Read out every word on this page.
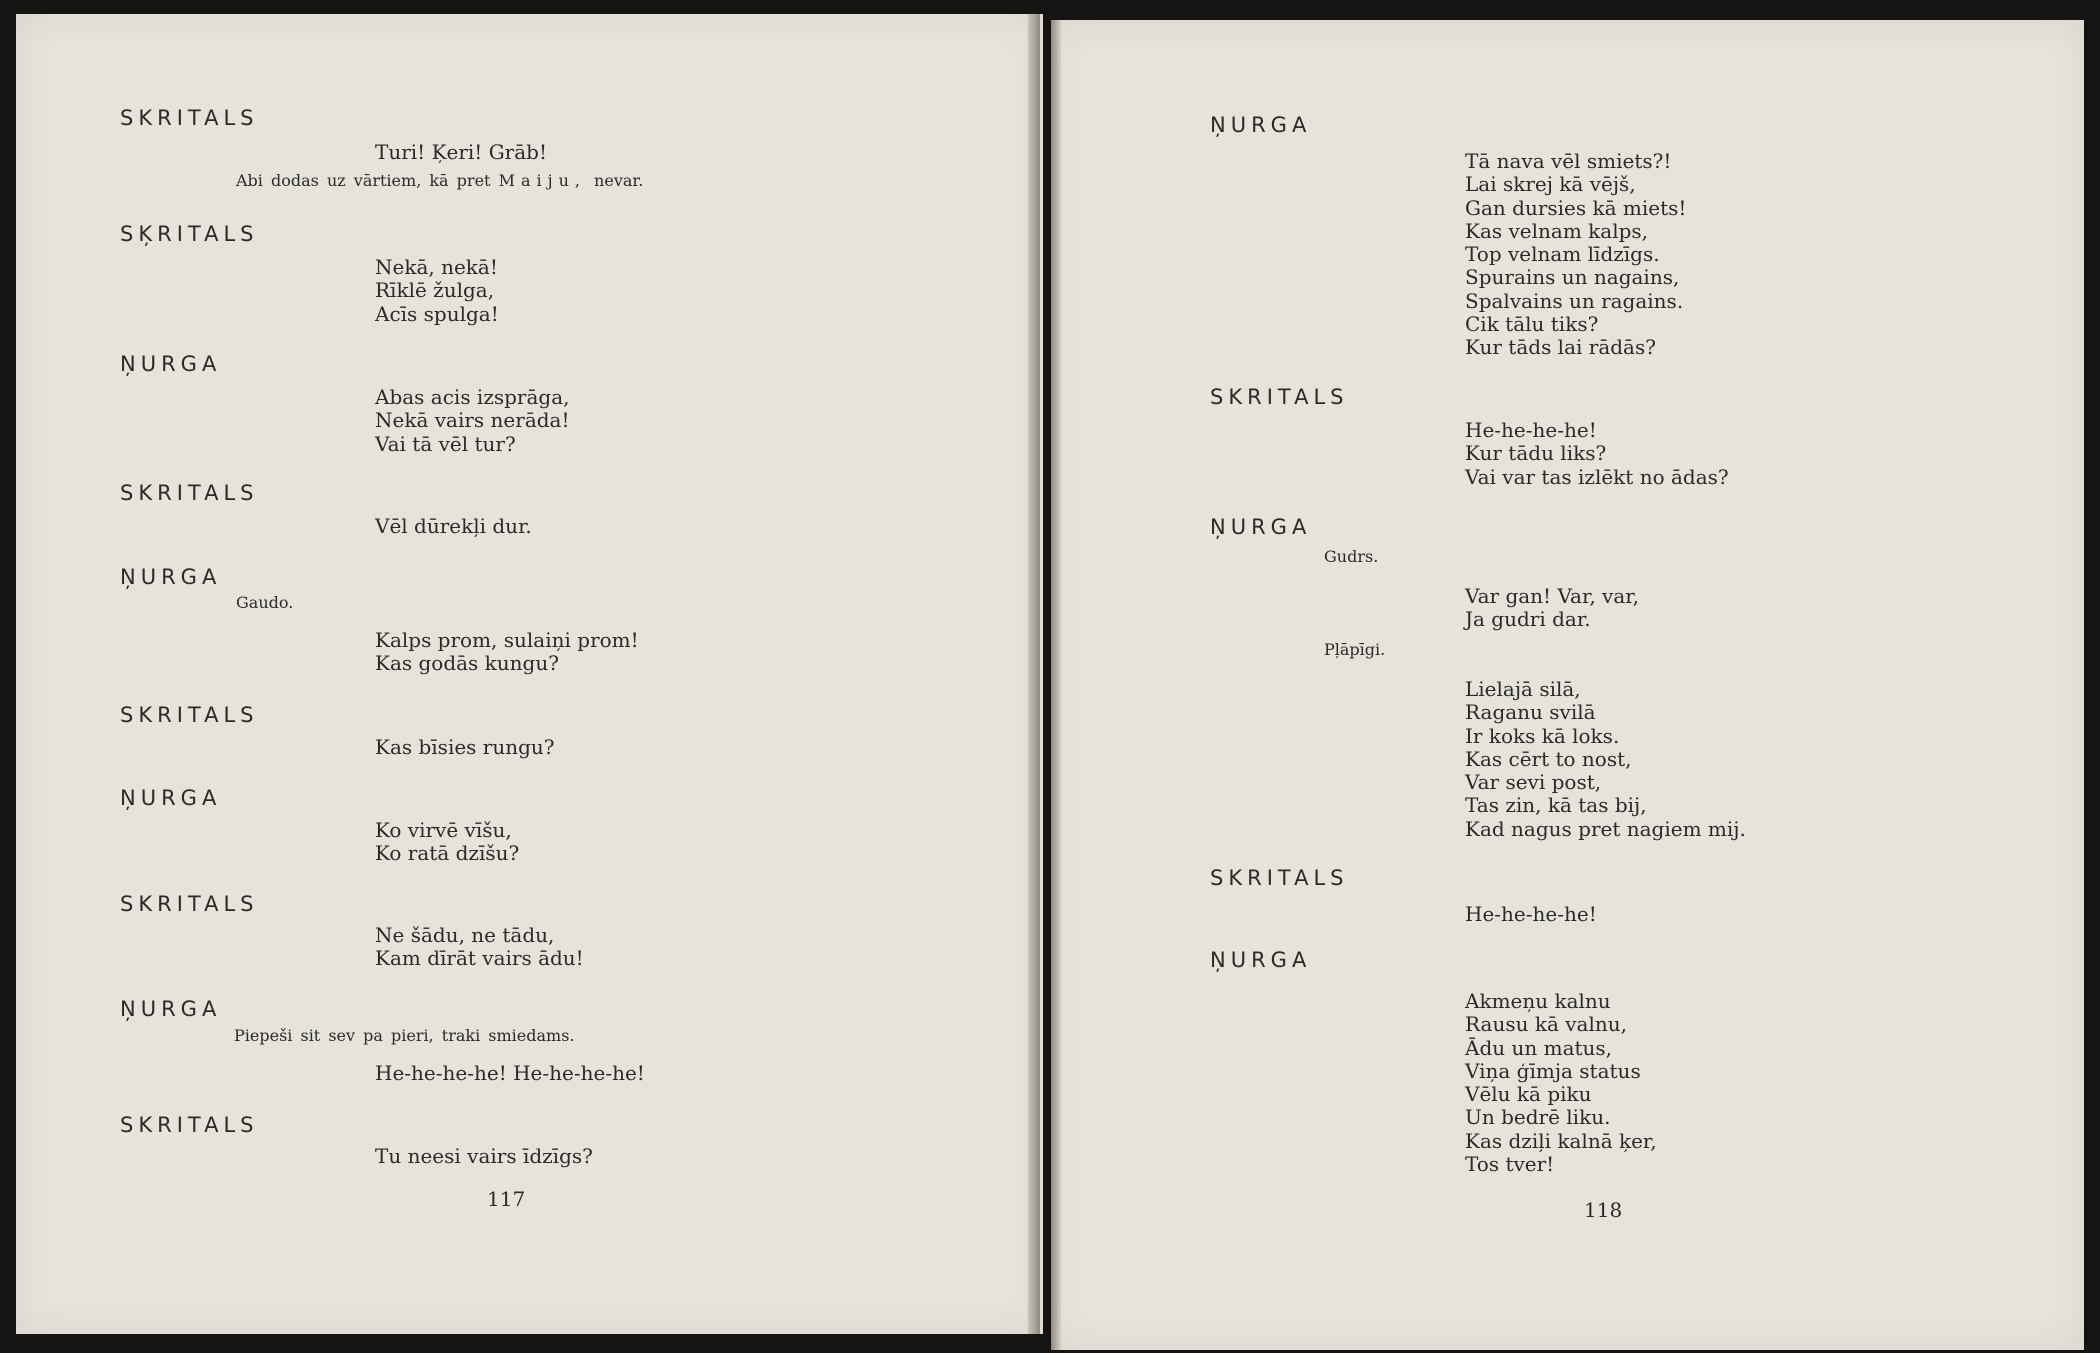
SKRITALS
Turi! Ķeri! Grāb!
Abi dodas uz vārtiem, kā pret Maiju, nevar.
SĶRITALS
Nekā, nekā!
Rīklē žulga,
Acīs spulga!
ŅURGA
Abas acis izsprāga,
Nekā vairs nerāda!
Vai tā vēl tur?
SKRITALS
Vēl dūrekļi dur.
ŅURGA
Gaudo.
Kalps prom, sulaiņi prom!
Kas godās kungu?
SKRITALS
Kas bīsies rungu?
ŅURGA
Ko virvē vīšu,
Ko ratā dzīšu?
SKRITALS
Ne šādu, ne tādu,
Kam dīrāt vairs ādu!
ŅURGA
Piepeši sit sev pa pieri, traki smiedams.
He-he-he-he! He-he-he-he!
SKRITALS
Tu neesi vairs īdzīgs?
117
ŅURGA
Tā nava vēl smiets?!
Lai skrej kā vējš,
Gan dursies kā miets!
Kas velnam kalps,
Top velnam līdzīgs.
Spurains un nagains,
Spalvains un ragains.
Cik tālu tiks?
Kur tāds lai rādās?
SKRITALS
He-he-he-he!
Kur tādu liks?
Vai var tas izlēkt no ādas?
ŅURGA
Gudrs.
Var gan! Var, var,
Ja gudri dar.
Pļāpīgi.
Lielajā silā,
Raganu svilā
Ir koks kā loks.
Kas cērt to nost,
Var sevi post,
Tas zin, kā tas bij,
Kad nagus pret nagiem mij.
SKRITALS
He-he-he-he!
ŅURGA
Akmeņu kalnu
Rausu kā valnu,
Ādu un matus,
Viņa ģīmja status
Vēlu kā piku
Un bedrē liku.
Kas dziļi kalnā ķer,
Tos tver!
118
